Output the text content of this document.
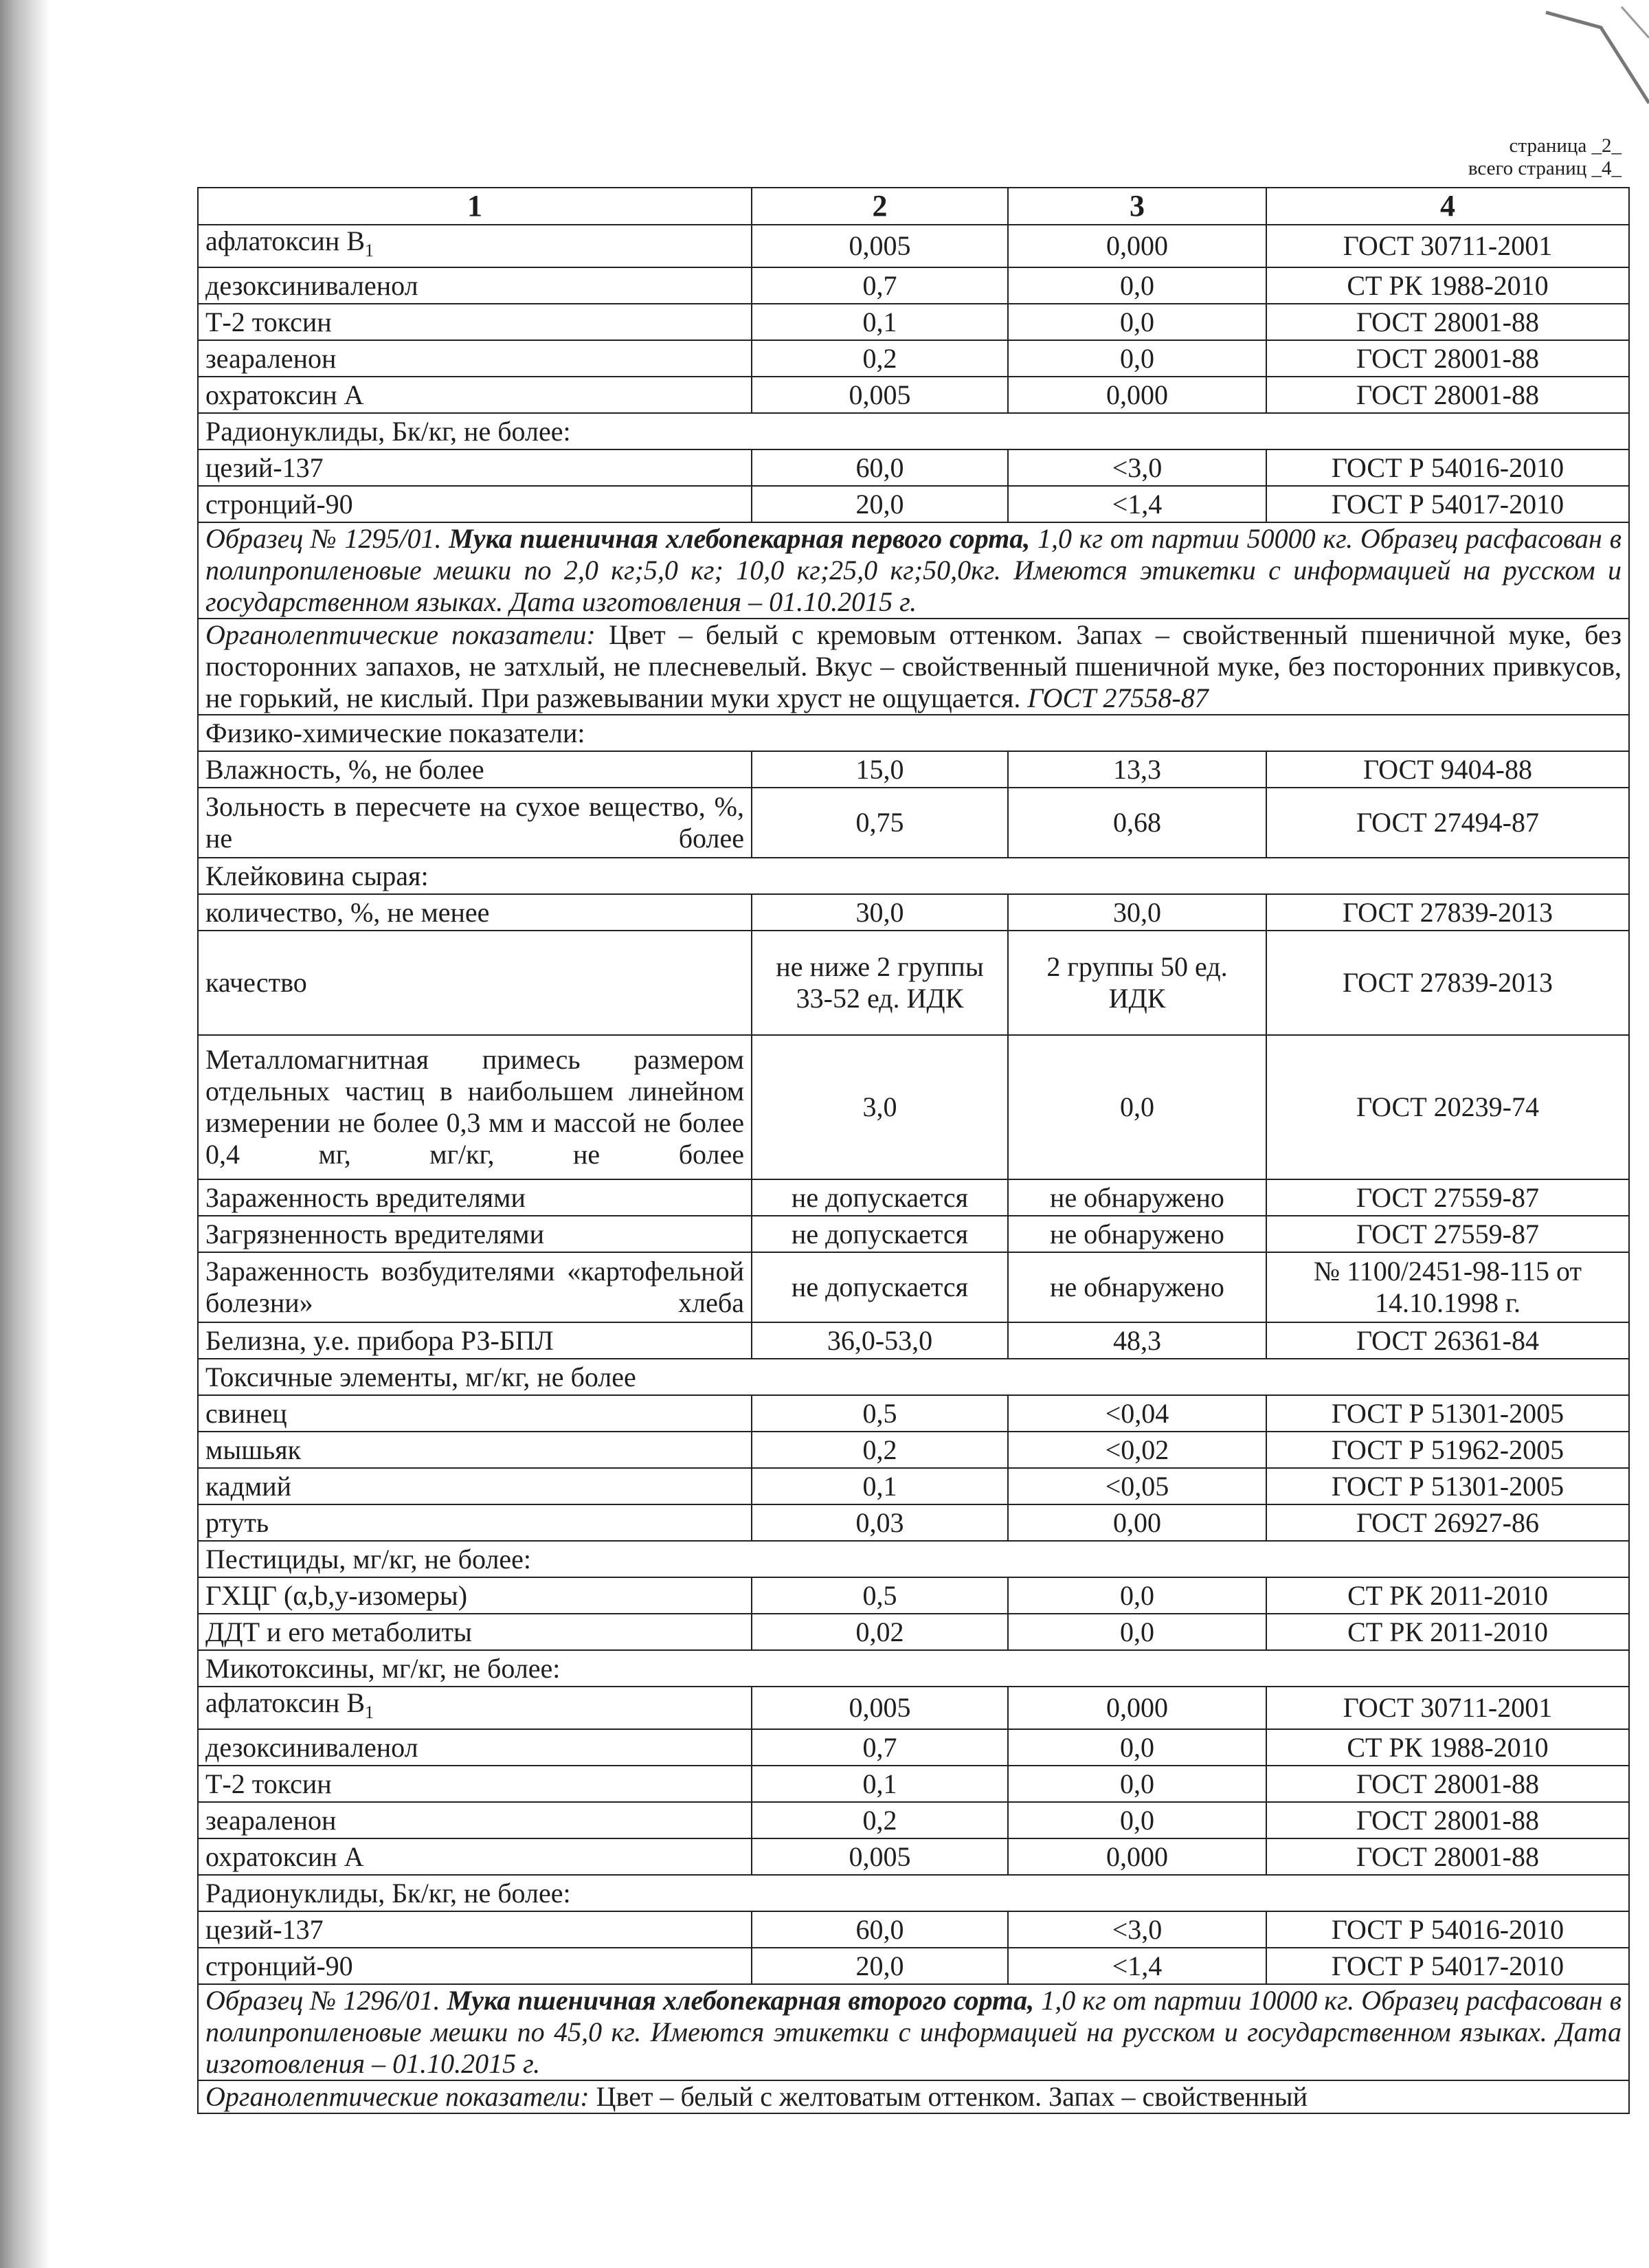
страница _2_
всего страниц _4_
1	2	3	4
афлатоксин $В_1$	0,005	0,000	ГОСТ 30711-2001
дезоксиниваленол	0,7	0,0	СТ РК 1988-2010
Т-2 токсин	0,1	0,0	ГОСТ 28001-88
зеараленон	0,2	0,0	ГОСТ 28001-88
охратоксин А	0,005	0,000	ГОСТ 28001-88
Радионуклиды, Бк/кг, не более:			
цезий-137	60,0	<3,0	ГОСТ Р 54016-2010
стронций-90	20,0	<1,4	ГОСТ Р 54017-2010
Образец № 1295/01. Мука пшеничная хлебопекарная первого сорта, 1,0 кг от партии 50000 кг. Образец расфасован в полипропиленовые мешки по 2,0 кг;5,0 кг; 10,0 кг;25,0 кг;50,0кг. Имеются этикетки с информацией на русском и государственном языках. Дата изготовления – 01.10.2015 г.			
Органолептические показатели: Цвет – белый с кремовым оттенком. Запах – свойственный пшеничной муке, без посторонних запахов, не затхлый, не плесневелый. Вкус – свойственный пшеничной муке, без посторонних привкусов, не горький, не кислый. При разжевывании муки хруст не ощущается. ГОСТ 27558-87			
Физико-химические показатели:			
Влажность, %, не более	15,0	13,3	ГОСТ 9404-88
Зольность в пересчете на сухое вещество, %, не более	0,75	0,68	ГОСТ 27494-87
Клейковина сырая:			
количество, %, не менее	30,0	30,0	ГОСТ 27839-2013
качество	не ниже 2 группы 33-52 ед. ИДК	2 группы 50 ед. ИДК	ГОСТ 27839-2013
Металломагнитная примесь размером отдельных частиц в наибольшем линейном измерении не более 0,3 мм и массой не более 0,4 мг, мг/кг, не более	3,0	0,0	ГОСТ 20239-74
Зараженность вредителями	не допускается	не обнаружено	ГОСТ 27559-87
Загрязненность вредителями	не допускается	не обнаружено	ГОСТ 27559-87
Зараженность возбудителями «картофельной болезни» хлеба	не допускается	не обнаружено	№ 1100/2451-98-115 от 14.10.1998 г.
Белизна, у.е. прибора РЗ-БПЛ	36,0-53,0	48,3	ГОСТ 26361-84
Токсичные элементы, мг/кг, не более			
свинец	0,5	<0,04	ГОСТ Р 51301-2005
мышьяк	0,2	<0,02	ГОСТ Р 51962-2005
кадмий	0,1	<0,05	ГОСТ Р 51301-2005
ртуть	0,03	0,00	ГОСТ 26927-86
Пестициды, мг/кг, не более:			
ГХЦГ (α,b,y-изомеры)	0,5	0,0	СТ РК 2011-2010
ДДТ и его метаболиты	0,02	0,0	СТ РК 2011-2010
Микотоксины, мг/кг, не более:			
афлатоксин $В_1$	0,005	0,000	ГОСТ 30711-2001
дезоксиниваленол	0,7	0,0	СТ РК 1988-2010
Т-2 токсин	0,1	0,0	ГОСТ 28001-88
зеараленон	0,2	0,0	ГОСТ 28001-88
охратоксин А	0,005	0,000	ГОСТ 28001-88
Радионуклиды, Бк/кг, не более:			
цезий-137	60,0	<3,0	ГОСТ Р 54016-2010
стронций-90	20,0	<1,4	ГОСТ Р 54017-2010
Образец № 1296/01. Мука пшеничная хлебопекарная второго сорта, 1,0 кг от партии 10000 кг. Образец расфасован в полипропиленовые мешки по 45,0 кг. Имеются этикетки с информацией на русском и государственном языках. Дата изготовления – 01.10.2015 г.			
Органолептические показатели: Цвет – белый с желтоватым оттенком. Запах – свойственный			
